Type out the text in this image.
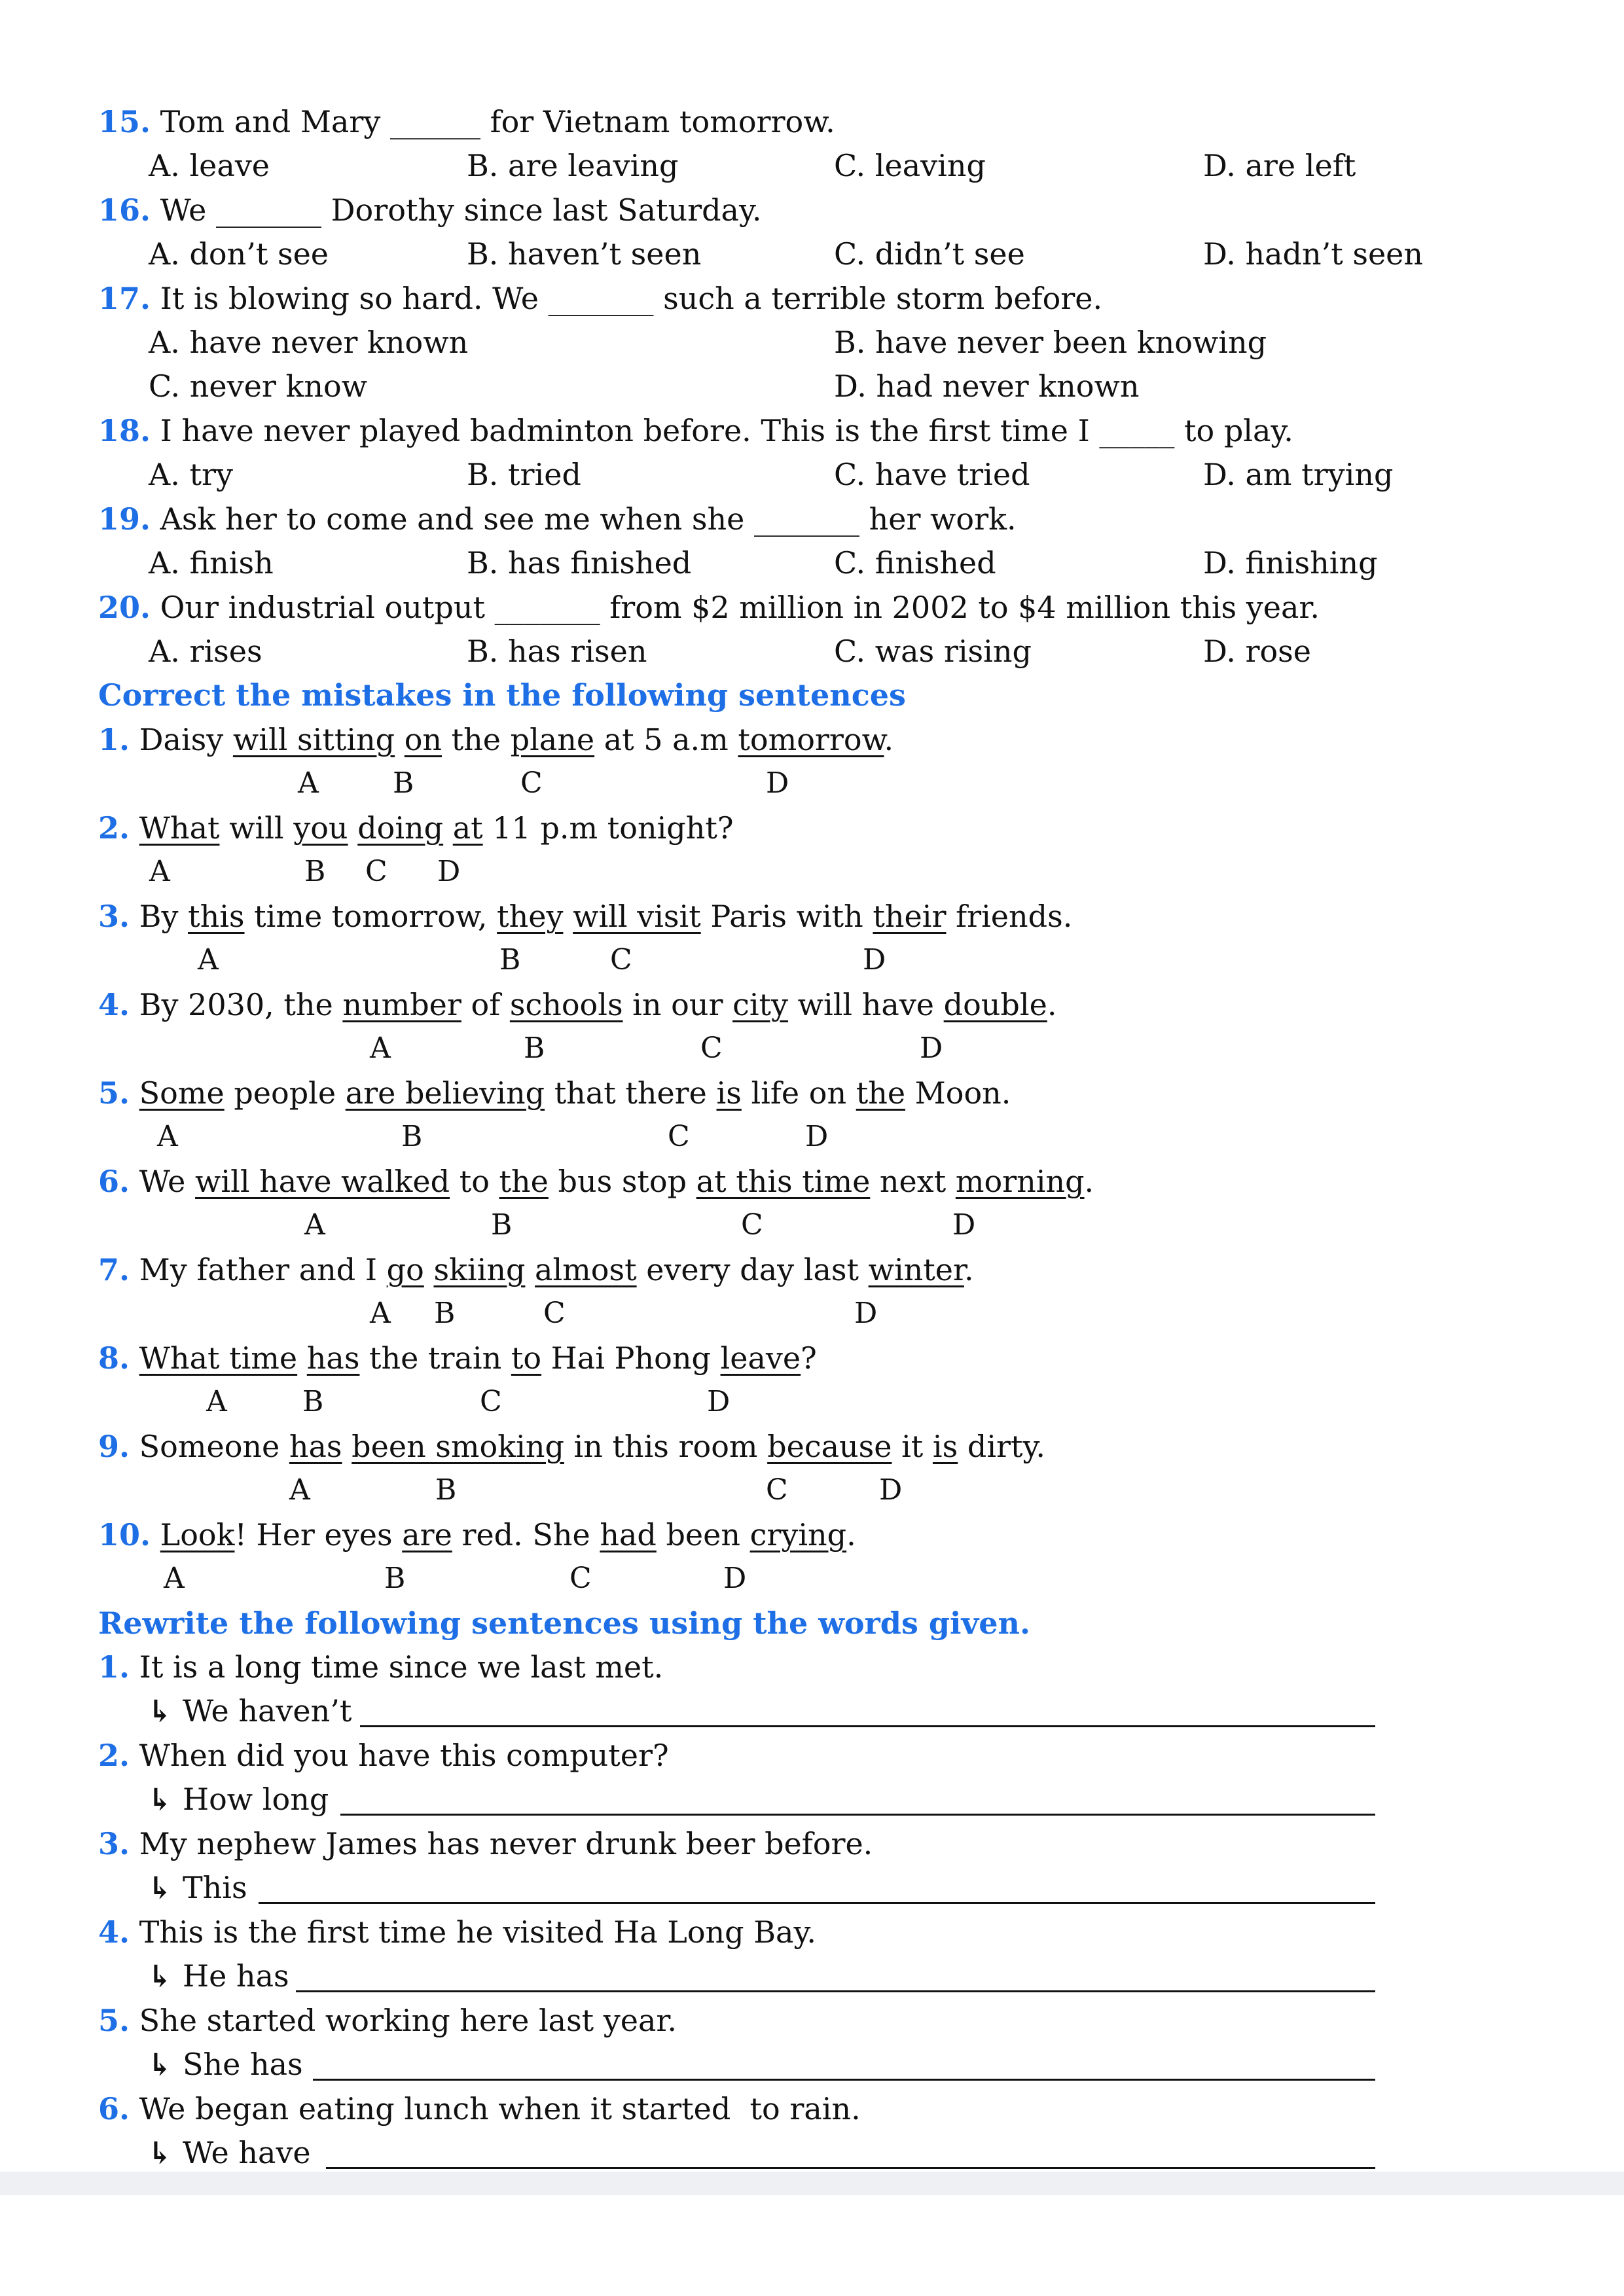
15. Tom and Mary ______ for Vietnam tomorrow.
A. leave	B. are leaving	C. leaving	D. are left
16. We _______ Dorothy since last Saturday.
A. don’t see	B. haven’t seen	C. didn’t see	D. hadn’t seen
17. It is blowing so hard. We _______ such a terrible storm before.
A. have never known	B. have never been knowing
C. never know	D. had never known
18. I have never played badminton before. This is the first time I _____ to play.
A. try	B. tried	C. have tried	D. am trying
19. Ask her to come and see me when she _______ her work.
A. finish	B. has finished	C. finished	D. finishing
20. Our industrial output _______ from $2 million in 2002 to $4 million this year.
A. rises	B. has risen	C. was rising	D. rose
Correct the mistakes in the following sentences
1. Daisy will sitting on the plane at 5 a.m tomorrow.
A	B	C	D
2. What will you doing at 11 p.m tonight?
A	B C D
3. By this time tomorrow, they will visit Paris with their friends.
A	B	C	D
4. By 2030, the number of schools in our city will have double.
A	B	C	D
5. Some people are believing that there is life on the Moon.
A	B	C	D
6. We will have walked to the bus stop at this time next morning.
A	B	C	D
7. My father and I go skiing almost every day last winter.
A B	C	D
8. What time has the train to Hai Phong leave?
A	B	C	D
9. Someone has been smoking in this room because it is dirty.
A	B	C	D
10. Look! Her eyes are red. She had been crying.
A	B	C	D
Rewrite the following sentences using the words given.
1. It is a long time since we last met.
↳ We haven’t
2. When did you have this computer?
↳ How long
3. My nephew James has never drunk beer before.
↳ This
4. This is the first time he visited Ha Long Bay.
↳ He has
5. She started working here last year.
↳ She has
6. We began eating lunch when it started  to rain.
↳ We have
